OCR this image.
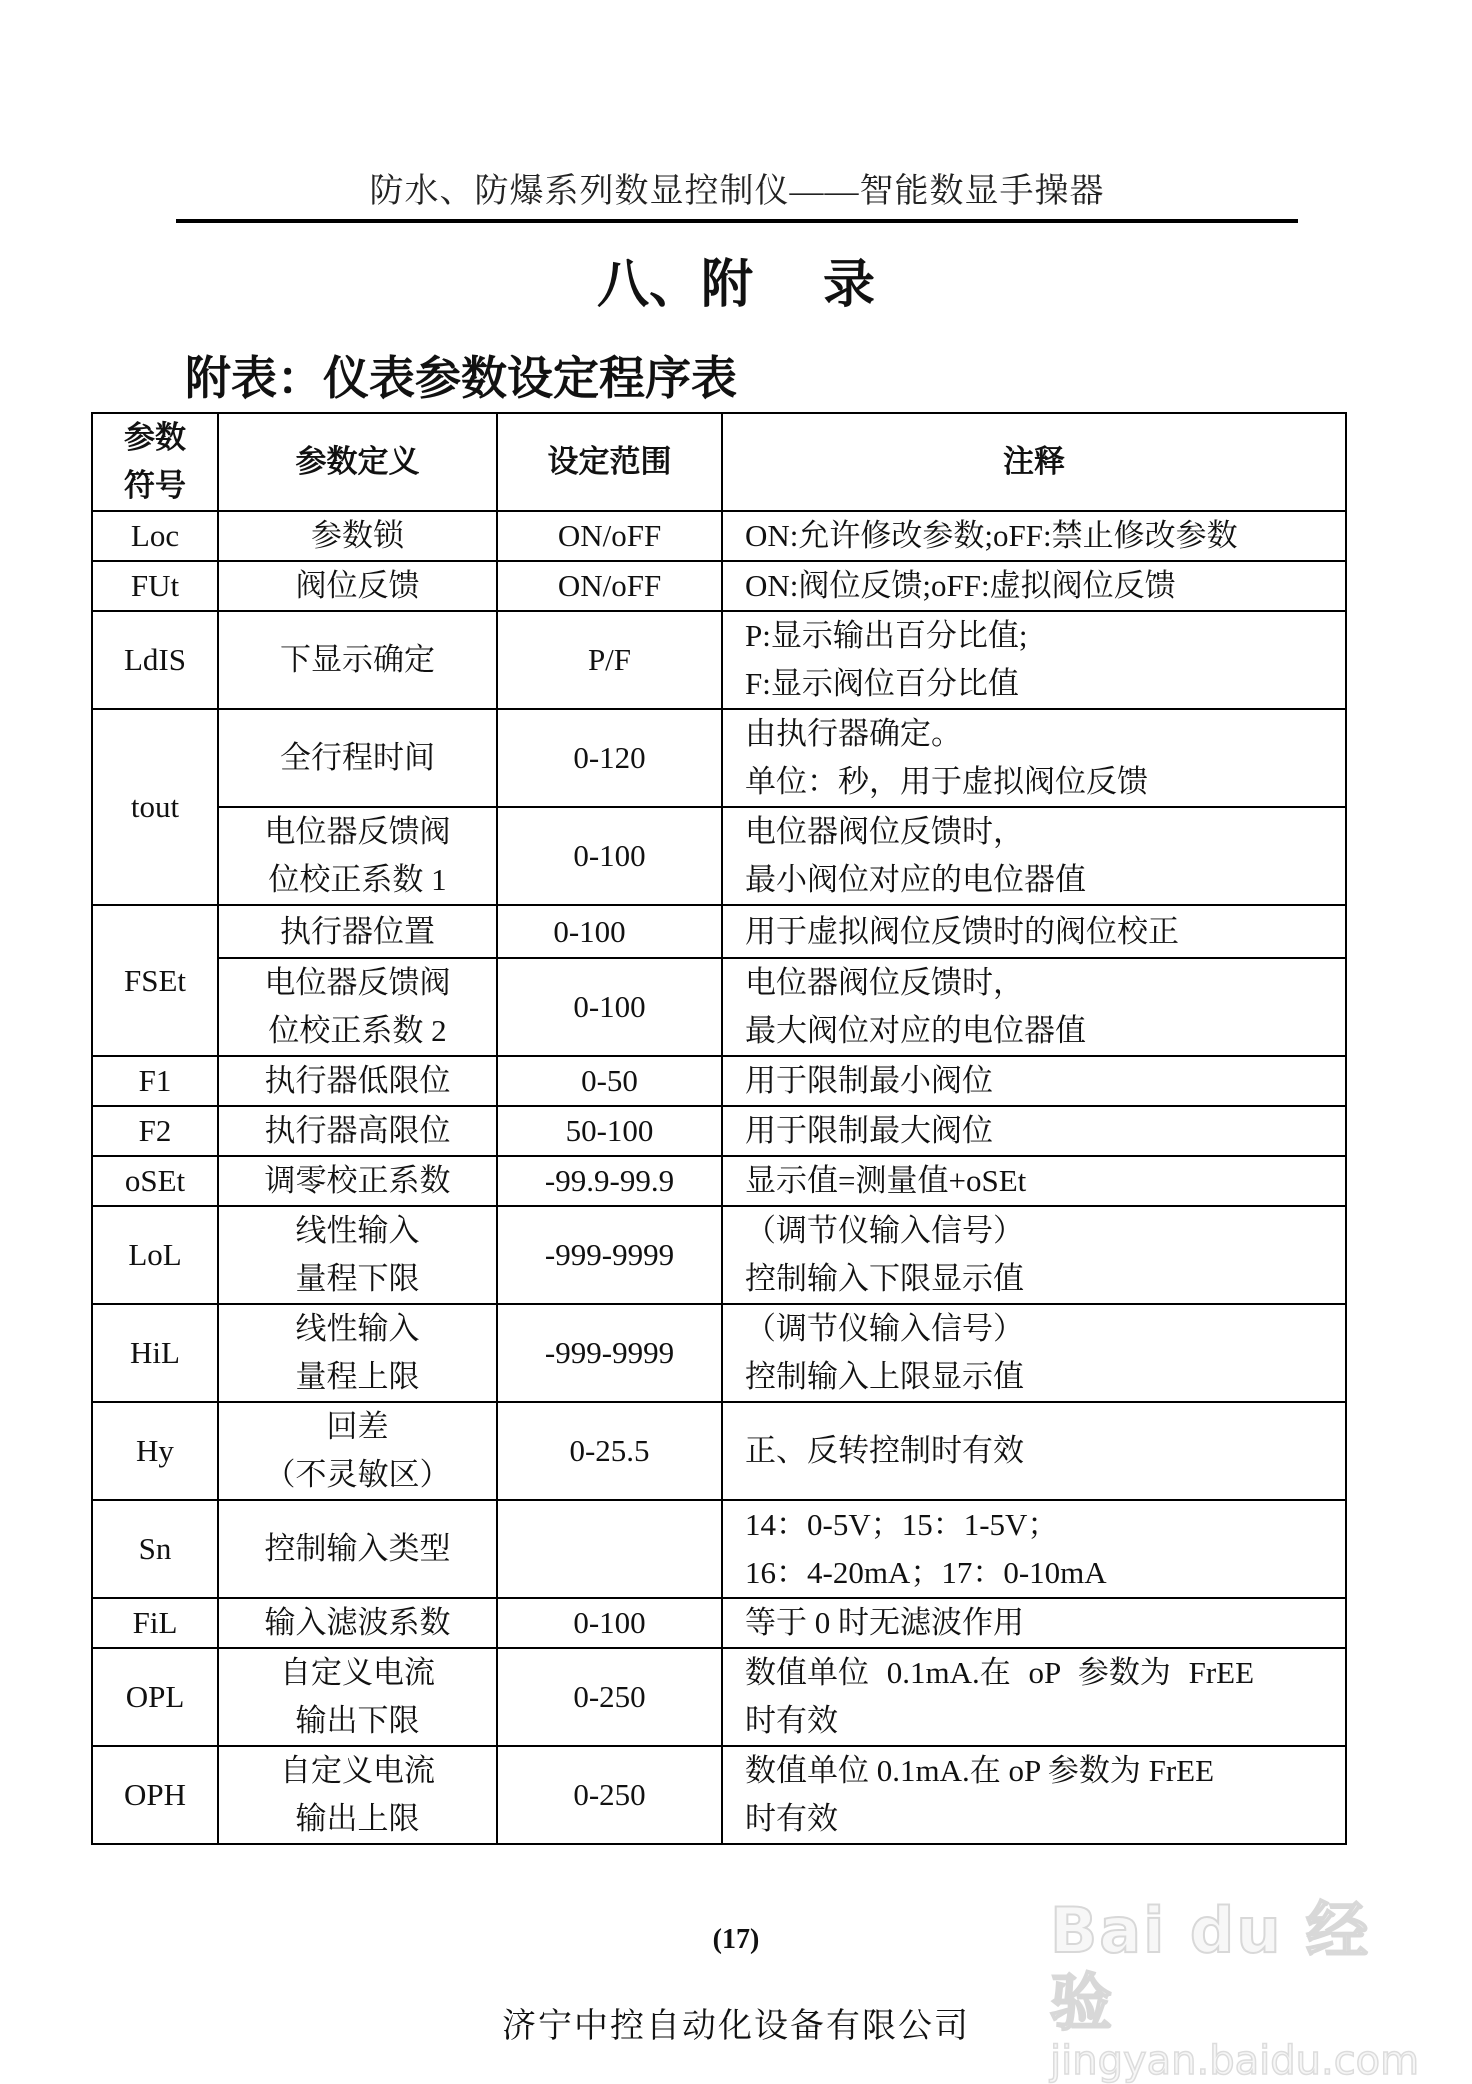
防水、防爆系列数显控制仪——智能数显手操器
八、附 录
附表：仪表参数设定程序表
参数
符号	参数定义	设定范围	注释
Loc	参数锁	ON/oFF	ON:允许修改参数;oFF:禁止修改参数
FUt	阀位反馈	ON/oFF	ON:阀位反馈;oFF:虚拟阀位反馈
LdIS	下显示确定	P/F	P:显示输出百分比值;
F:显示阀位百分比值

tout	全行程时间	0-120	由执行器确定。
单位：秒，用于虚拟阀位反馈

	电位器反馈阀
位校正系数 1	0-100	电位器阀位反馈时，
最小阀位对应的电位器值

FSEt	执行器位置	0-100	用于虚拟阀位反馈时的阀位校正

	电位器反馈阀
位校正系数 2	0-100	电位器阀位反馈时，
最大阀位对应的电位器值

F1	执行器低限位	0-50	用于限制最小阀位
F2	执行器高限位	50-100	用于限制最大阀位
oSEt	调零校正系数	-99.9-99.9	显示值=测量值+oSEt
LoL	线性输入
量程下限	-999-9999	（调节仪输入信号）
控制输入下限显示值

HiL	线性输入
量程上限	-999-9999	（调节仪输入信号）
控制输入上限显示值

Hy	回差
（不灵敏区）	0-25.5	正、反转控制时有效
Sn	控制输入类型		14：0-5V；15：1-5V；
16：4-20mA；17：0-10mA

FiL	输入滤波系数	0-100	等于 0 时无滤波作用
OPL	自定义电流
输出下限	0-250	数值单位 0.1mA.在 oP 参数为 FrEE
时有效

OPH	自定义电流
输出上限	0-250	数值单位 0.1mA.在 oP 参数为 FrEE
时有效
(17)
济宁中控自动化设备有限公司
Bai du 经验
jingyan.baidu.com
